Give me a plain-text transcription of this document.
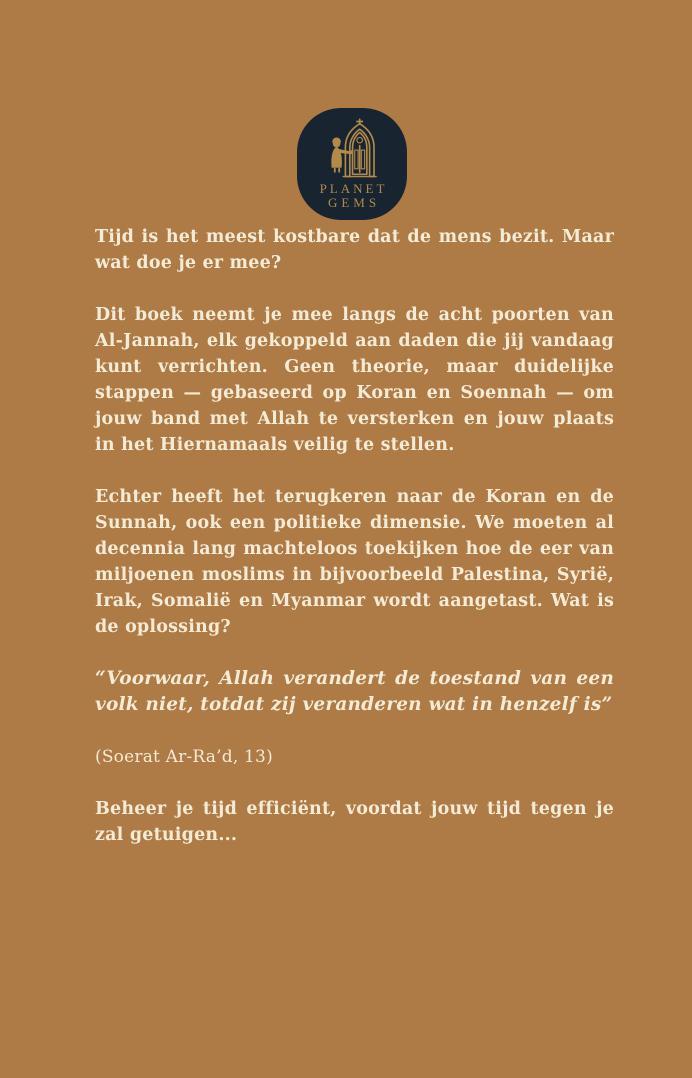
PLANET
GEMS

Tijd is het meest kostbare dat de mens bezit. Maar wat doe je er mee?

Dit boek neemt je mee langs de acht poorten van Al-Jannah, elk gekoppeld aan daden die jij vandaag kunt verrichten. Geen theorie, maar duidelijke stappen — gebaseerd op Koran en Soennah — om jouw band met Allah te versterken en jouw plaats in het Hiernamaals veilig te stellen.

Echter heeft het terugkeren naar de Koran en de Sunnah, ook een politieke dimensie. We moeten al decennia lang machteloos toekijken hoe de eer van miljoenen moslims in bijvoorbeeld Palestina, Syrië, Irak, Somalië en Myanmar wordt aangetast. Wat is de oplossing?

“Voorwaar, Allah verandert de toestand van een volk niet, totdat zij veranderen wat in henzelf is”

(Soerat Ar-Ra’d, 13)

Beheer je tijd efficiënt, voordat jouw tijd tegen je zal getuigen...
